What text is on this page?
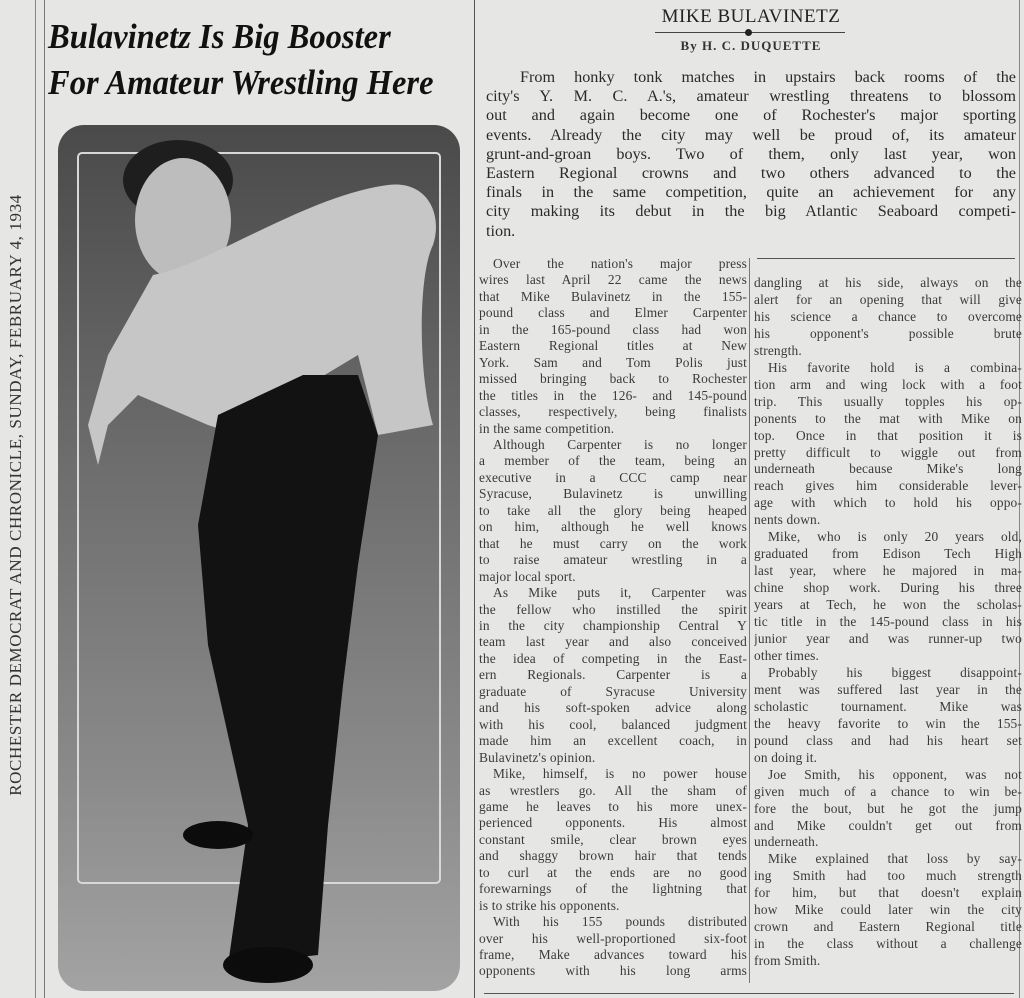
ROCHESTER DEMOCRAT AND CHRONICLE, SUNDAY, FEBRUARY 4, 1934
Bulavinetz Is Big Booster
For Amateur Wrestling Here
MIKE BULAVINETZ
By H. C. DUQUETTE
From honky tonk matches in upstairs back rooms of the
city's Y. M. C. A.'s, amateur wrestling threatens to blossom
out and again become one of Rochester's major sporting
events. Already the city may well be proud of, its amateur
grunt-and-groan boys. Two of them, only last year, won
Eastern Regional crowns and two others advanced to the
finals in the same competition, quite an achievement for any
city making its debut in the big Atlantic Seaboard competi-
tion.
Over the nation's major press
wires last April 22 came the news
that Mike Bulavinetz in the 155-
pound class and Elmer Carpenter
in the 165-pound class had won
Eastern Regional titles at New
York. Sam and Tom Polis just
missed bringing back to Rochester
the titles in the 126- and 145-pound
classes, respectively, being finalists
in the same competition.
Although Carpenter is no longer
a member of the team, being an
executive in a CCC camp near
Syracuse, Bulavinetz is unwilling
to take all the glory being heaped
on him, although he well knows
that he must carry on the work
to raise amateur wrestling in a
major local sport.
As Mike puts it, Carpenter was
the fellow who instilled the spirit
in the city championship Central Y
team last year and also conceived
the idea of competing in the East-
ern Regionals. Carpenter is a
graduate of Syracuse University
and his soft-spoken advice along
with his cool, balanced judgment
made him an excellent coach, in
Bulavinetz's opinion.
Mike, himself, is no power house
as wrestlers go. All the sham of
game he leaves to his more unex-
perienced opponents. His almost
constant smile, clear brown eyes
and shaggy brown hair that tends
to curl at the ends are no good
forewarnings of the lightning that
is to strike his opponents.
With his 155 pounds distributed
over his well-proportioned six-foot
frame, Make advances toward his
opponents with his long arms
dangling at his side, always on the
alert for an opening that will give
his science a chance to overcome
his opponent's possible brute
strength.
His favorite hold is a combina-
tion arm and wing lock with a foot
trip. This usually topples his op-
ponents to the mat with Mike on
top. Once in that position it is
pretty difficult to wiggle out from
underneath because Mike's long
reach gives him considerable lever-
age with which to hold his oppo-
nents down.
Mike, who is only 20 years old,
graduated from Edison Tech High
last year, where he majored in ma-
chine shop work. During his three
years at Tech, he won the scholas-
tic title in the 145-pound class in his
junior year and was runner-up two
other times.
Probably his biggest disappoint-
ment was suffered last year in the
scholastic tournament. Mike was
the heavy favorite to win the 155-
pound class and had his heart set
on doing it.
Joe Smith, his opponent, was not
given much of a chance to win be-
fore the bout, but he got the jump
and Mike couldn't get out from
underneath.
Mike explained that loss by say-
ing Smith had too much strength
for him, but that doesn't explain
how Mike could later win the city
crown and Eastern Regional title
in the class without a challenge
from Smith.
